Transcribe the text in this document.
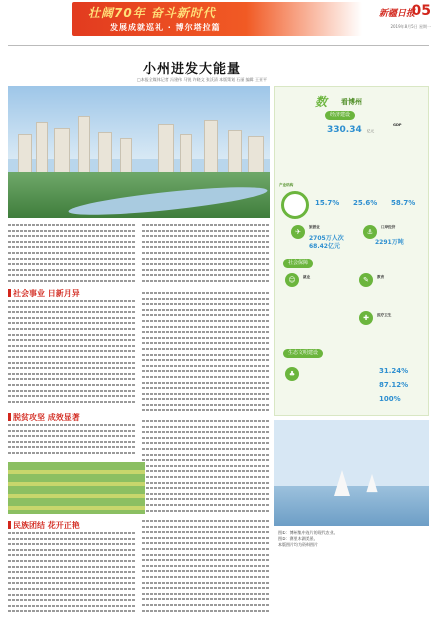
壮阔70年 奋斗新时代
发展成就巡礼 · 博尔塔拉篇
新疆日报
05
2019年8月5日 星期一
小州进发大能量
□本报全媒体记者 冯建伟 马锐 许晓文 张沃清 本版策划 石丽 编辑 王亚平
社会事业 日新月异
脱贫攻坚 成效显著
民族团结 花开正艳
数 看博州
经济建设
330.34 亿元
GDP
产业结构
15.7% 25.6% 58.7%
✈
旅游业
2705万人次
68.42亿元
⚓
口岸经济
2291万吨
社会保障
☺	就业	✎	教育
✚	医疗卫生
生态文明建设
♣	31.24%
87.12%
100%
图①：博州集中连片的现代农业。
图②：赛里木湖美景。
本版图片均为资料图片
